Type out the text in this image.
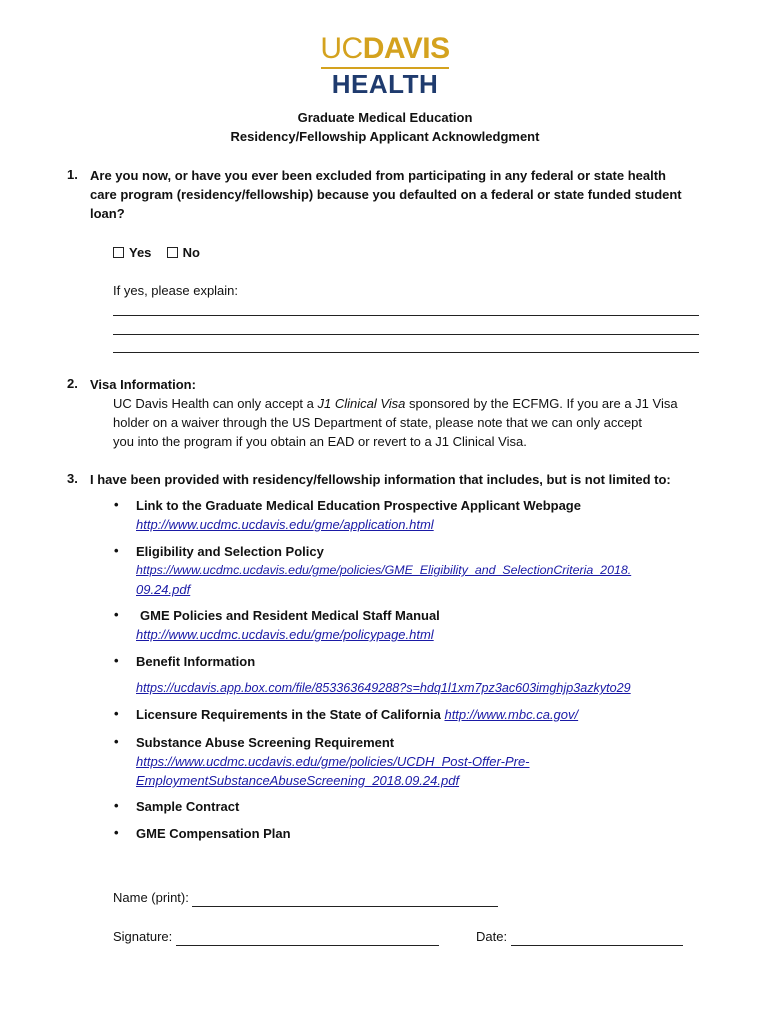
UCDAVIS
HEALTH
Graduate Medical Education
Residency/Fellowship Applicant Acknowledgment
1. Are you now, or have you ever been excluded from participating in any federal or state health
care program (residency/fellowship) because you defaulted on a federal or state funded student
loan?
Yes No
If yes, please explain:
2. Visa Information:
UC Davis Health can only accept a J1 Clinical Visa sponsored by the ECFMG. If you are a J1 Visa
holder on a waiver through the US Department of state, please note that we can only accept
you into the program if you obtain an EAD or revert to a J1 Clinical Visa.
3. I have been provided with residency/fellowship information that includes, but is not limited to:
• Link to the Graduate Medical Education Prospective Applicant Webpage
http://www.ucdmc.ucdavis.edu/gme/application.html
• Eligibility and Selection Policy
https://www.ucdmc.ucdavis.edu/gme/policies/GME_Eligibility_and_SelectionCriteria_2018.
09.24.pdf
• GME Policies and Resident Medical Staff Manual
http://www.ucdmc.ucdavis.edu/gme/policypage.html
• Benefit Information
https://ucdavis.app.box.com/file/853363649288?s=hdq1l1xm7pz3ac603imghjp3azkyto29
• Licensure Requirements in the State of California http://www.mbc.ca.gov/
• Substance Abuse Screening Requirement
https://www.ucdmc.ucdavis.edu/gme/policies/UCDH_Post-Offer-Pre-
EmploymentSubstanceAbuseScreening_2018.09.24.pdf
• Sample Contract
• GME Compensation Plan
Name (print):
Signature:	Date:
